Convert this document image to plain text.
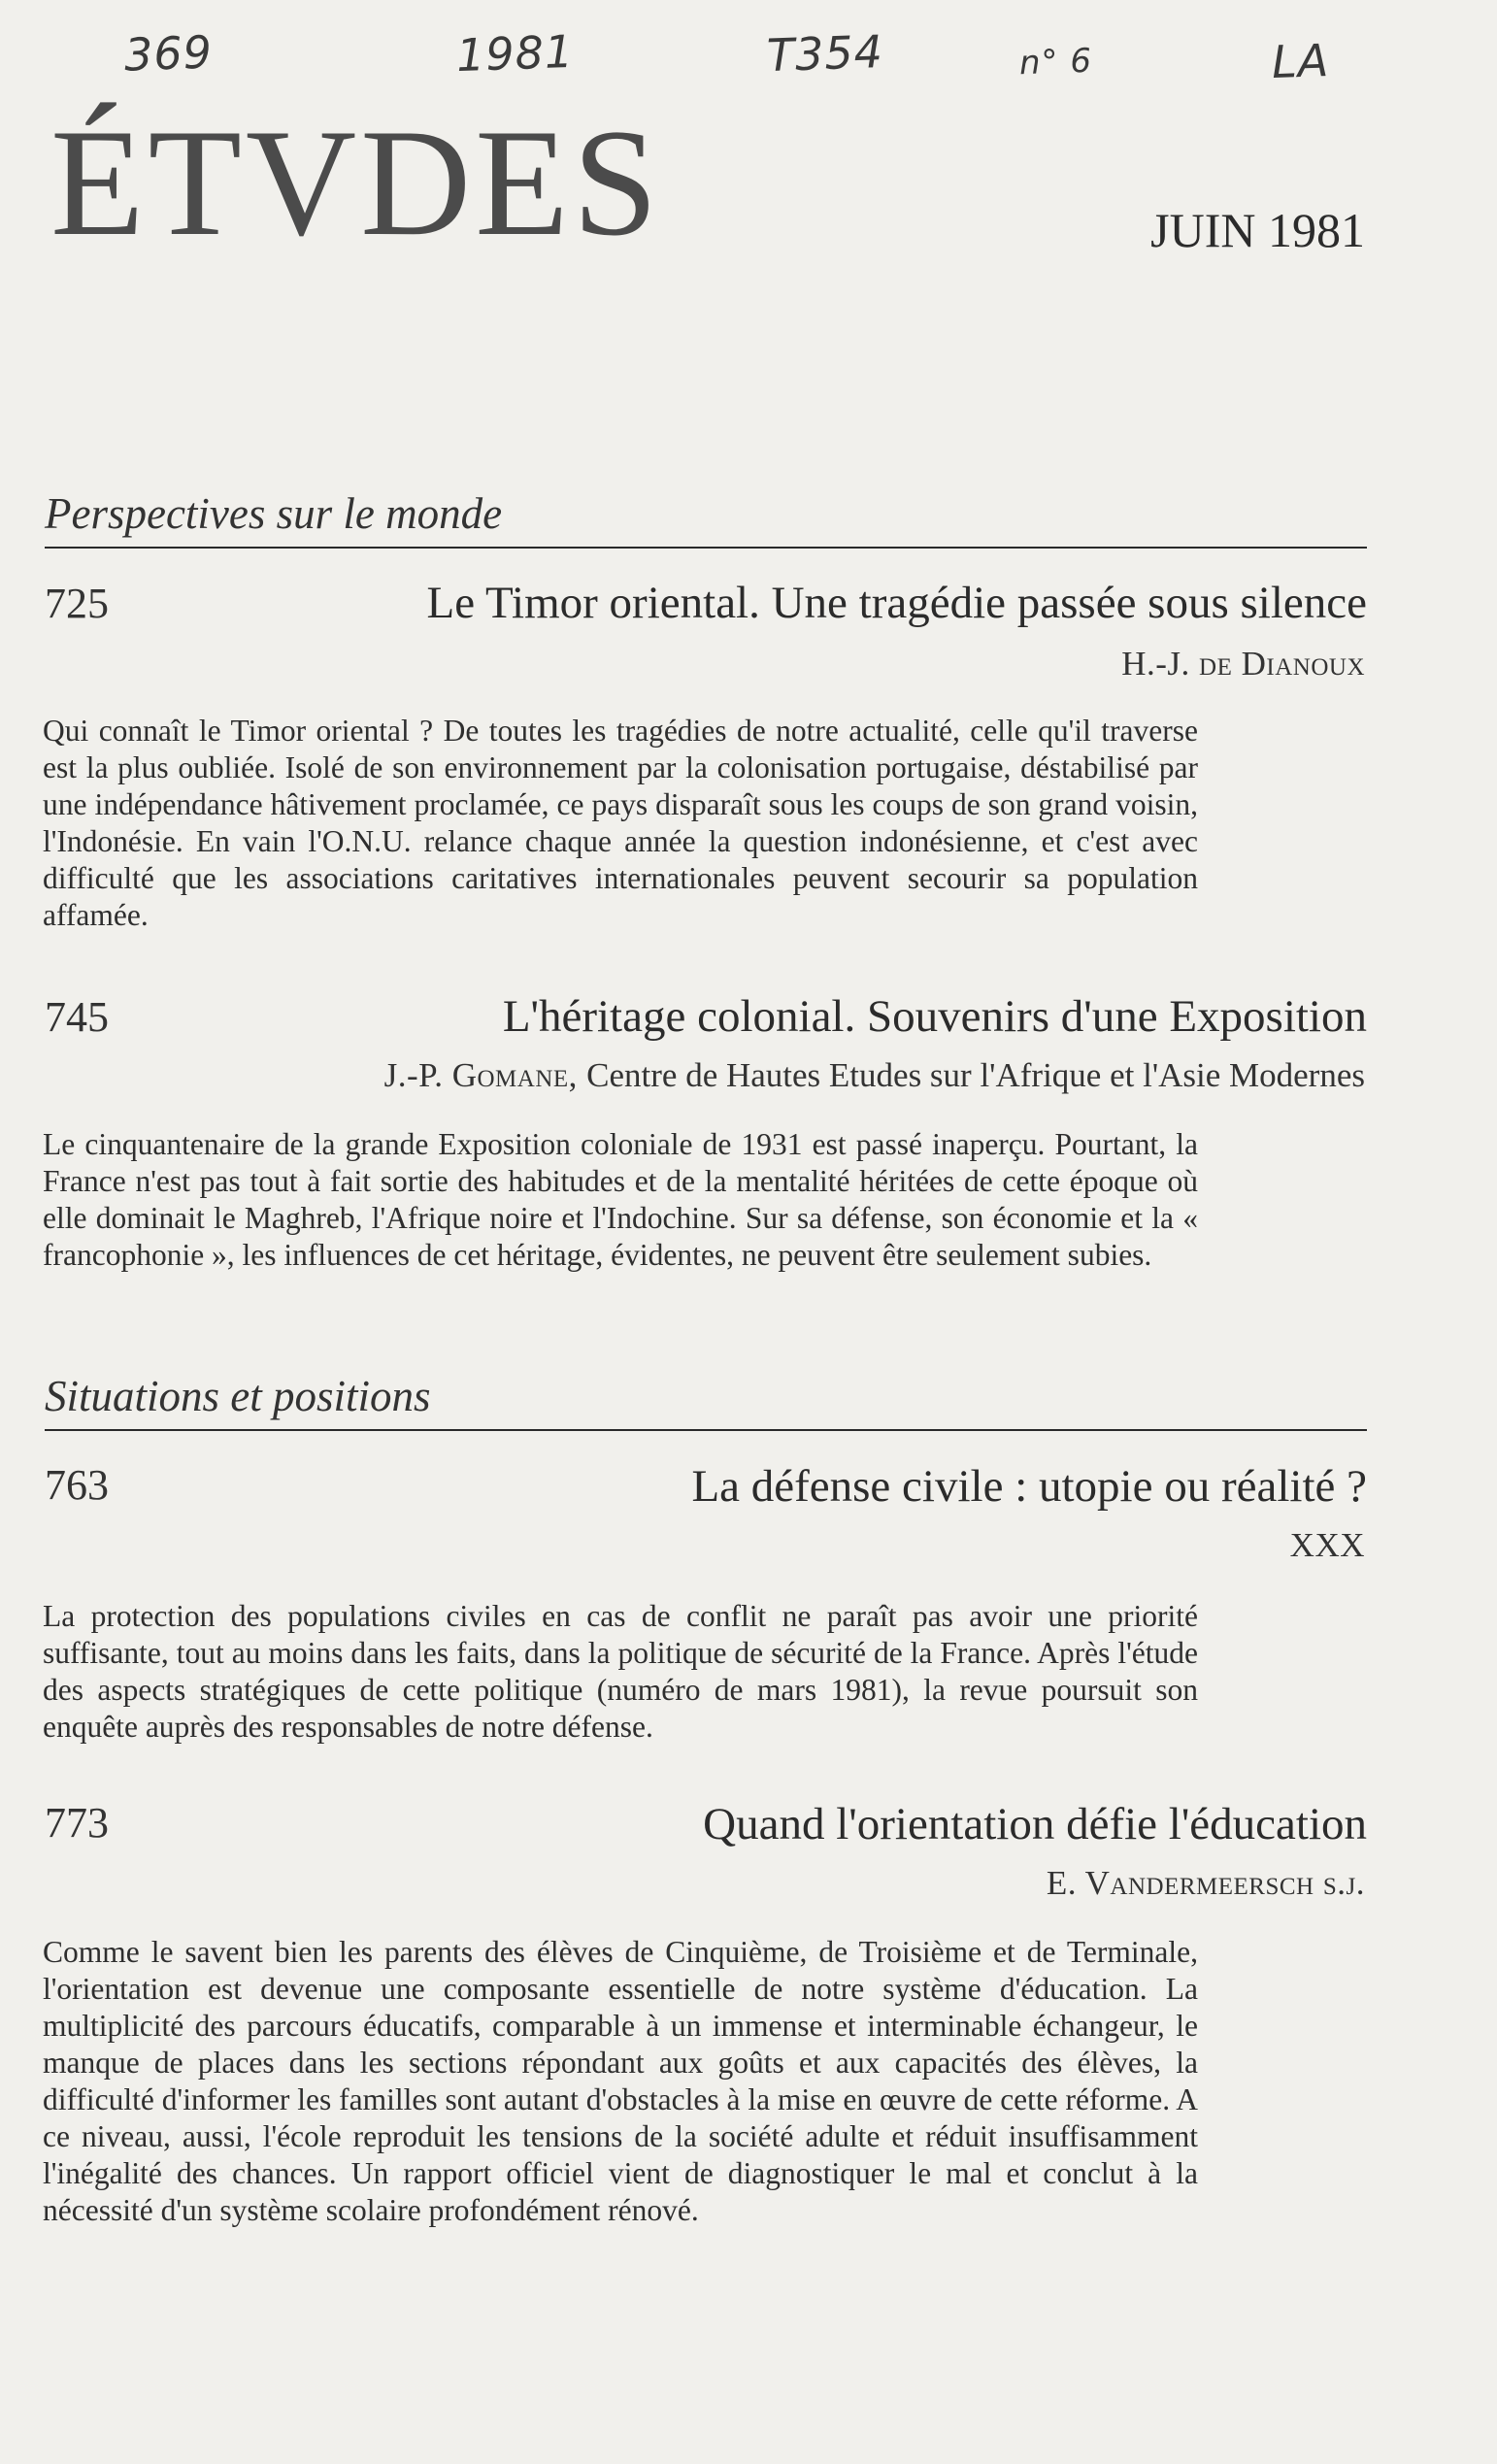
369	1981	T354	n° 6	LA
ÉTVDES	JUIN 1981
Perspectives sur le monde
725	Le Timor oriental. Une tragédie passée sous silence
H.-J. de Dianoux

Qui connaît le Timor oriental ? De toutes les tragédies de notre actualité, celle qu'il traverse est la plus oubliée. Isolé de son environnement par la colonisation portugaise, déstabilisé par une indépendance hâtivement proclamée, ce pays disparaît sous les coups de son grand voisin, l'Indonésie. En vain l'O.N.U. relance chaque année la question indonésienne, et c'est avec difficulté que les associations caritatives internationales peuvent secourir sa population affamée.

745	L'héritage colonial. Souvenirs d'une Exposition
J.-P. Gomane, Centre de Hautes Etudes sur l'Afrique et l'Asie Modernes

Le cinquantenaire de la grande Exposition coloniale de 1931 est passé inaperçu. Pourtant, la France n'est pas tout à fait sortie des habitudes et de la mentalité héritées de cette époque où elle dominait le Maghreb, l'Afrique noire et l'Indochine. Sur sa défense, son économie et la « francophonie », les influences de cet héritage, évidentes, ne peuvent être seulement subies.

Situations et positions
763	La défense civile : utopie ou réalité ?
XXX

La protection des populations civiles en cas de conflit ne paraît pas avoir une priorité suffisante, tout au moins dans les faits, dans la politique de sécurité de la France. Après l'étude des aspects stratégiques de cette politique (numéro de mars 1981), la revue poursuit son enquête auprès des responsables de notre défense.

773	Quand l'orientation défie l'éducation
E. Vandermeersch s.j.

Comme le savent bien les parents des élèves de Cinquième, de Troisième et de Terminale, l'orientation est devenue une composante essentielle de notre système d'éducation. La multiplicité des parcours éducatifs, comparable à un immense et interminable échangeur, le manque de places dans les sections répondant aux goûts et aux capacités des élèves, la difficulté d'informer les familles sont autant d'obstacles à la mise en œuvre de cette réforme. A ce niveau, aussi, l'école reproduit les tensions de la société adulte et réduit insuffisamment l'inégalité des chances. Un rapport officiel vient de diagnostiquer le mal et conclut à la nécessité d'un système scolaire profondément rénové.
